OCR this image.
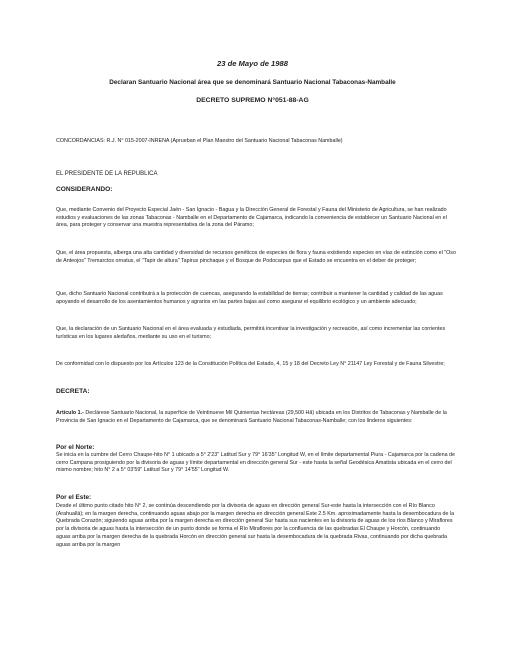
23 de Mayo de 1988
Declaran Santuario Nacional área que se denominará Santuario Nacional Tabaconas-Namballe
DECRETO SUPREMO N°051-88-AG
CONCORDANCIAS: R.J. N° 015-2007-INRENA (Aprueban el Plan Maestro del Santuario Nacional Tabaconas Namballe)
EL PRESIDENTE DE LA REPUBLICA
CONSIDERANDO:
Que, mediante Convenio del Proyecto Especial Jaén - San Ignacio - Bagua y la Dirección General de Forestal y Fauna del Ministerio de Agricultura, se han realizado estudios y evaluaciones de las zonas Tabaconas - Namballe en el Departamento de Cajamarca, indicando la conveniencia de establecer un Santuario Nacional en el área, para proteger y conservar una muestra representativa de la zona del Páramo;
Que, el área propuesta, alberga una alta cantidad y diversidad de recursos genéticos de especies de flora y fauna existiendo especies en vías de extinción como el "Oso de Anteojos" Tremarctos ornatus, el "Tapir de altura" Tapirus pinchaque y el Bosque de Podocarpus que el Estado se encuentra en el deber de proteger;
Que, dicho Santuario Nacional contribuirá a la protección de cuencas, asegurando la estabilidad de tierras; contribuir a mantener la cantidad y calidad de las aguas apoyando el desarrollo de los asentamientos humanos y agrarios en las partes bajas así como asegurar el equilibrio ecológico y un ambiente adecuado;
Que, la declaración de un Santuario Nacional en el área evaluada y estudiada, permitirá incentivar la investigación y recreación, así como incrementar las corrientes turísticas en los lugares aledaños, mediante su uso en el turismo;
De conformidad con lo dispuesto por los Artículos 123 de la Constitución Política del Estado, 4, 15 y 18 del Decreto Ley N° 21147 Ley Forestal y de Fauna Silvestre;
DECRETA:
Artículo 1.- Declárese Santuario Nacional, la superficie de Veintinueve Mil Quinientas hectáreas (29,500 Hã) ubicada en los Distritos de Tabaconas y Namballe de la Provincia de San Ignacio en el Departamento de Cajamarca, que se denominará Santuario Nacional Tabaconas-Namballe; con los linderos siguientes:
Por el Norte:
Se inicia en la cumbre del Cerro Chaupe-hito N° 1 ubicado a 5° 2'23" Latitud Sur y 79° 16'35" Longitud W, en el límite departamental Piura - Cajamarca por la cadena de cerro Campana prosiguiendo por la divisoria de aguas y límite departamental en dirección general Sur - este hasta la señal Geodésica Amatista ubicada en el cerro del mismo nombre; hito N° 2 a 5° 03'59" Latitud Sur y 79° 14'55" Longitud W.
Por el Este:
Desde el último punto citado hito N° 2, se continúa descendiendo por la divisoria de aguas en dirección general Sur-este hasta la intersección con el Río Blanco (Arahuallá); en la margen derecha, continuando aguas abajo por la margen derecha en dirección general Este 2.5 Km. aproximadamente hasta la desembocadura de la Quebrada Corazón; siguiendo aguas arriba por la margen derecha en dirección general Sur hasta sus nacientes en la divisoria de aguas de los ríos Blanco y Miraflores por la divisoria de aguas hasta la intersección de un punto donde se forma el Río Miraflores por la confluencia de las quebradas El Chaupe y Horcón, continuando aguas arriba por la margen derecha de la quebrada Horcón en dirección general sur hasta la desembocadura de la quebrada Rivas, continuando por dicha quebrada aguas arriba por la margen
